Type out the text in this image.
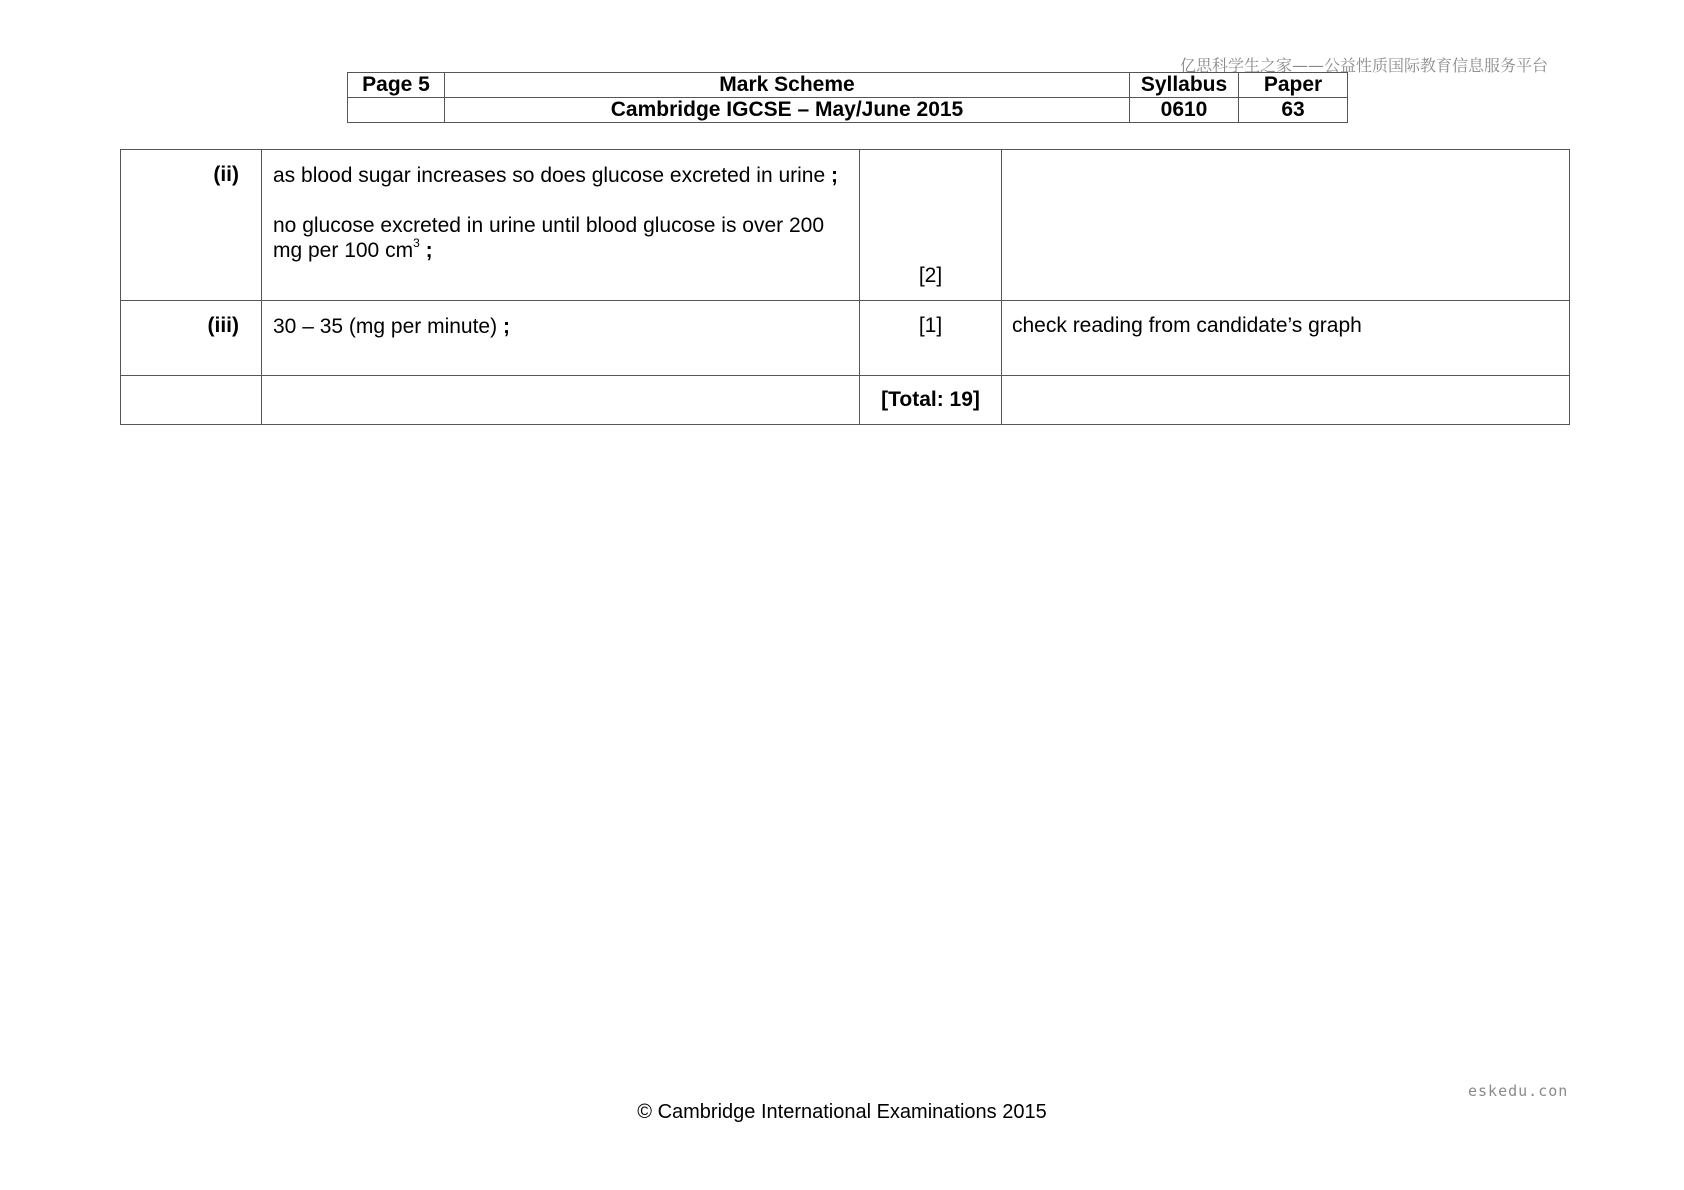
亿思科学生之家——公益性质国际教育信息服务平台
Page 5	Mark Scheme	Syllabus	Paper
	Cambridge IGCSE – May/June 2015	0610	63
(ii)	as blood sugar increases so does glucose excreted in urine ;

no glucose excreted in urine until blood glucose is over 200 mg per 100 $cm^3$ ;	[2]	
(iii)	30 – 35 (mg per minute) ;	[1]	check reading from candidate’s graph
		[Total: 19]	
eskedu.con
© Cambridge International Examinations 2015
